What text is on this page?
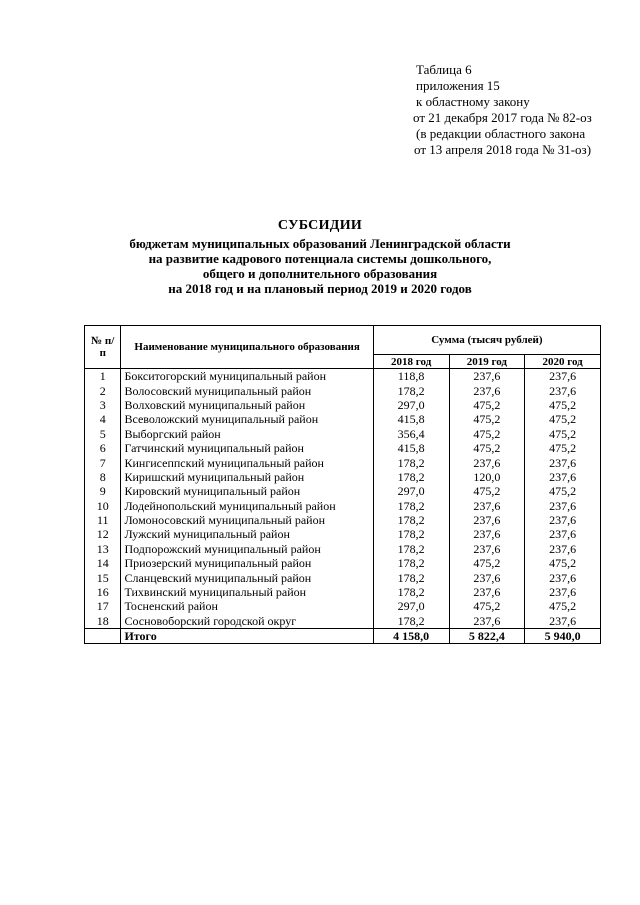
Таблица 6
приложения 15
к областному закону
от 21 декабря 2017 года № 82-оз
(в редакции областного закона
от 13 апреля 2018 года № 31-оз)
СУБСИДИИ
бюджетам муниципальных образований Ленинградской области
на развитие кадрового потенциала системы дошкольного,
общего и дополнительного образования
на 2018 год и на плановый период 2019 и 2020 годов
№ п/п	Наименование муниципального образования	Сумма (тысяч рублей)		
		2018 год	2019 год	2020 год
1	Бокситогорский муниципальный район	118,8	237,6	237,6
2	Волосовский муниципальный район	178,2	237,6	237,6
3	Волховский муниципальный район	297,0	475,2	475,2
4	Всеволожский муниципальный район	415,8	475,2	475,2
5	Выборгский район	356,4	475,2	475,2
6	Гатчинский муниципальный район	415,8	475,2	475,2
7	Кингисеппский муниципальный район	178,2	237,6	237,6
8	Киришский муниципальный район	178,2	120,0	237,6
9	Кировский муниципальный район	297,0	475,2	475,2
10	Лодейнопольский муниципальный район	178,2	237,6	237,6
11	Ломоносовский муниципальный район	178,2	237,6	237,6
12	Лужский муниципальный район	178,2	237,6	237,6
13	Подпорожский муниципальный район	178,2	237,6	237,6
14	Приозерский муниципальный район	178,2	475,2	475,2
15	Сланцевский муниципальный район	178,2	237,6	237,6
16	Тихвинский муниципальный район	178,2	237,6	237,6
17	Тосненский район	297,0	475,2	475,2
18	Сосновоборский городской округ	178,2	237,6	237,6
	Итого	4 158,0	5 822,4	5 940,0
